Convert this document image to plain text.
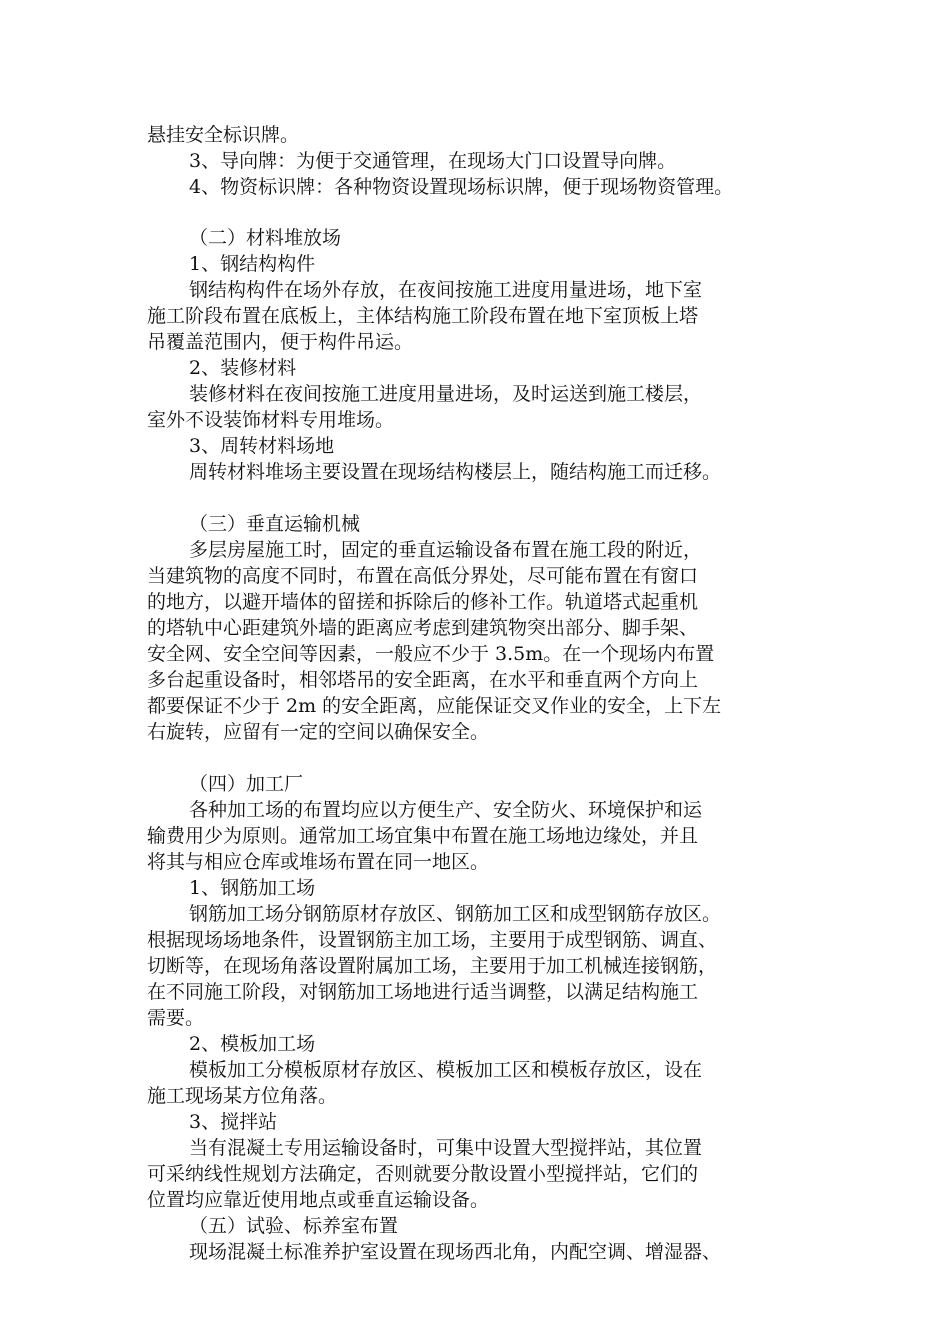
悬挂安全标识牌。
3、导向牌：为便于交通管理，在现场大门口设置导向牌。
4、物资标识牌：各种物资设置现场标识牌，便于现场物资管理。
（二）材料堆放场
1、钢结构构件
钢结构构件在场外存放，在夜间按施工进度用量进场，地下室
施工阶段布置在底板上，主体结构施工阶段布置在地下室顶板上塔
吊覆盖范围内，便于构件吊运。
2、装修材料
装修材料在夜间按施工进度用量进场，及时运送到施工楼层，
室外不设装饰材料专用堆场。
3、周转材料场地
周转材料堆场主要设置在现场结构楼层上，随结构施工而迁移。
（三）垂直运输机械
多层房屋施工时，固定的垂直运输设备布置在施工段的附近，
当建筑物的高度不同时，布置在高低分界处，尽可能布置在有窗口
的地方，以避开墙体的留搓和拆除后的修补工作。轨道塔式起重机
的塔轨中心距建筑外墙的距离应考虑到建筑物突出部分、脚手架、
安全网、安全空间等因素，一般应不少于 3.5m。在一个现场内布置
多台起重设备时，相邻塔吊的安全距离，在水平和垂直两个方向上
都要保证不少于 2m 的安全距离，应能保证交叉作业的安全，上下左
右旋转，应留有一定的空间以确保安全。
（四）加工厂
各种加工场的布置均应以方便生产、安全防火、环境保护和运
输费用少为原则。通常加工场宜集中布置在施工场地边缘处，并且
将其与相应仓库或堆场布置在同一地区。
1、钢筋加工场
钢筋加工场分钢筋原材存放区、钢筋加工区和成型钢筋存放区。
根据现场场地条件，设置钢筋主加工场，主要用于成型钢筋、调直、
切断等，在现场角落设置附属加工场，主要用于加工机械连接钢筋，
在不同施工阶段，对钢筋加工场地进行适当调整，以满足结构施工
需要。
2、模板加工场
模板加工分模板原材存放区、模板加工区和模板存放区，设在
施工现场某方位角落。
3、搅拌站
当有混凝土专用运输设备时，可集中设置大型搅拌站，其位置
可采纳线性规划方法确定，否则就要分散设置小型搅拌站，它们的
位置均应靠近使用地点或垂直运输设备。
（五）试验、标养室布置
现场混凝土标准养护室设置在现场西北角，内配空调、增湿器、
